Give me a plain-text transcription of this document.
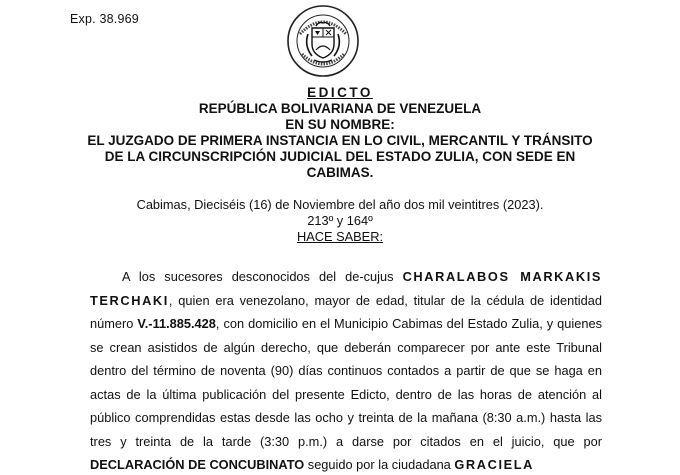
Exp. 38.969
EDICTO
REPÚBLICA BOLIVARIANA DE VENEZUELA
EN SU NOMBRE:
EL JUZGADO DE PRIMERA INSTANCIA EN LO CIVIL, MERCANTIL Y TRÁNSITO
DE LA CIRCUNSCRIPCIÓN JUDICIAL DEL ESTADO ZULIA, CON SEDE EN
CABIMAS.
Cabimas, Dieciséis (16) de Noviembre del año dos mil veintitres (2023).
213º y 164º
HACE SABER:
A los sucesores desconocidos del de-cujus CHARALABOS MARKAKIS TERCHAKI, quien era venezolano, mayor de edad, titular de la cédula de identidad número V.-11.885.428, con domicilio en el Municipio Cabimas del Estado Zulia, y quienes se crean asistidos de algún derecho, que deberán comparecer por ante este Tribunal dentro del término de noventa (90) días continuos contados a partir de que se haga en actas de la última publicación del presente Edicto, dentro de las horas de atención al público comprendidas estas desde las ocho y treinta de la mañana (8:30 a.m.) hasta las tres y treinta de la tarde (3:30 p.m.) a darse por citados en el juicio, que por DECLARACIÓN DE CONCUBINATO seguido por la ciudadana GRACIELA
